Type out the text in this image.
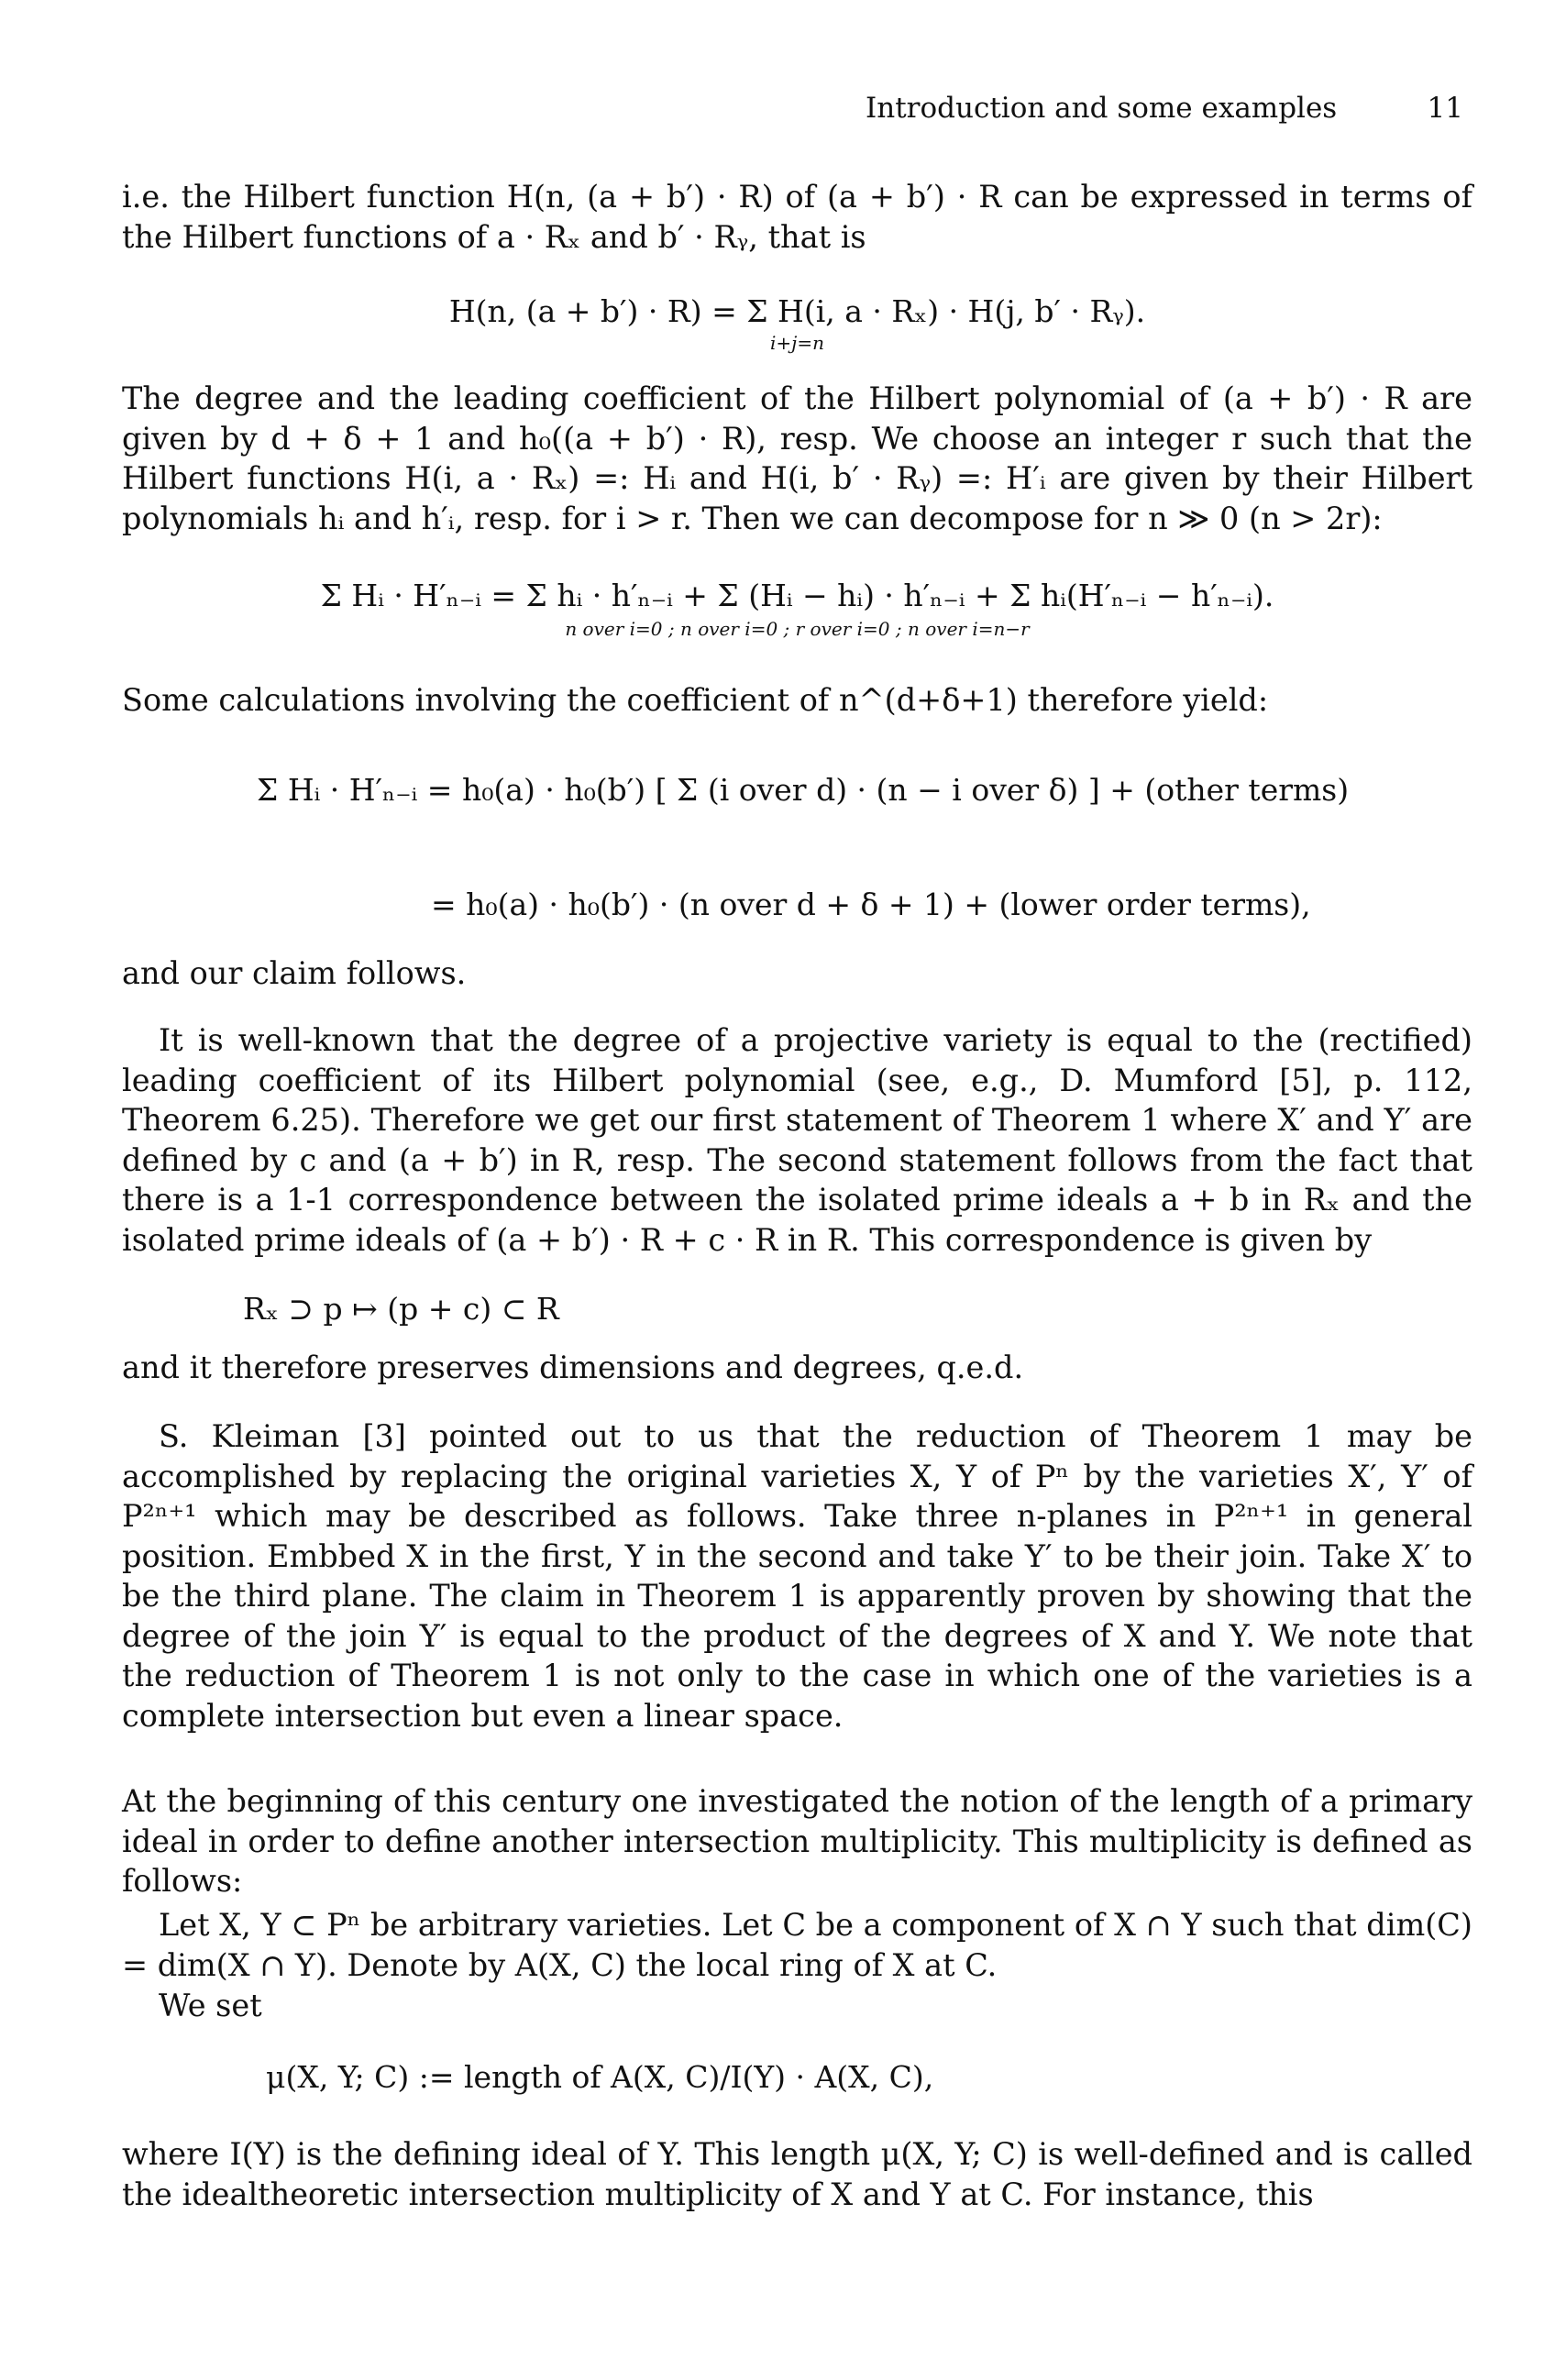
Introduction and some examples	11
i.e. the Hilbert function H(n, (a + b′) · R) of (a + b′) · R can be expressed in terms of the Hilbert functions of a · Rₓ and b′ · Rᵧ, that is
H(n, (a + b′) · R) = Σ H(i, a · Rₓ) · H(j, b′ · Rᵧ).
i+j=n
The degree and the leading coefficient of the Hilbert polynomial of (a + b′) · R are given by d + δ + 1 and h₀((a + b′) · R), resp. We choose an integer r such that the Hilbert functions H(i, a · Rₓ) =: Hᵢ and H(i, b′ · Rᵧ) =: H′ᵢ are given by their Hilbert polynomials hᵢ and h′ᵢ, resp. for i > r. Then we can decompose for n ≫ 0 (n > 2r):
Σ Hᵢ · H′ₙ₋ᵢ = Σ hᵢ · h′ₙ₋ᵢ + Σ (Hᵢ − hᵢ) · h′ₙ₋ᵢ + Σ hᵢ(H′ₙ₋ᵢ − h′ₙ₋ᵢ).
n over i=0 ; n over i=0 ; r over i=0 ; n over i=n−r
Some calculations involving the coefficient of n^(d+δ+1) therefore yield:
Σ Hᵢ · H′ₙ₋ᵢ = h₀(a) · h₀(b′) [ Σ (i over d) · (n − i over δ) ] + (other terms)
= h₀(a) · h₀(b′) · (n over d + δ + 1) + (lower order terms),
and our claim follows.
It is well-known that the degree of a projective variety is equal to the (rectified) leading coefficient of its Hilbert polynomial (see, e.g., D. Mumford [5], p. 112, Theorem 6.25). Therefore we get our first statement of Theorem 1 where X′ and Y′ are defined by c and (a + b′) in R, resp. The second statement follows from the fact that there is a 1-1 correspondence between the isolated prime ideals a + b in Rₓ and the isolated prime ideals of (a + b′) · R + c · R in R. This correspondence is given by
Rₓ ⊃ p ↦ (p + c) ⊂ R
and it therefore preserves dimensions and degrees, q.e.d.
S. Kleiman [3] pointed out to us that the reduction of Theorem 1 may be accomplished by replacing the original varieties X, Y of Pⁿ by the varieties X′, Y′ of P²ⁿ⁺¹ which may be described as follows. Take three n-planes in P²ⁿ⁺¹ in general position. Embbed X in the first, Y in the second and take Y′ to be their join. Take X′ to be the third plane. The claim in Theorem 1 is apparently proven by showing that the degree of the join Y′ is equal to the product of the degrees of X and Y. We note that the reduction of Theorem 1 is not only to the case in which one of the varieties is a complete intersection but even a linear space.
At the beginning of this century one investigated the notion of the length of a primary ideal in order to define another intersection multiplicity. This multiplicity is defined as follows:
Let X, Y ⊂ Pⁿ be arbitrary varieties. Let C be a component of X ∩ Y such that dim(C) = dim(X ∩ Y). Denote by A(X, C) the local ring of X at C.
We set
μ(X, Y; C) := length of A(X, C)/I(Y) · A(X, C),
where I(Y) is the defining ideal of Y. This length μ(X, Y; C) is well-defined and is called the idealtheoretic intersection multiplicity of X and Y at C. For instance, this
